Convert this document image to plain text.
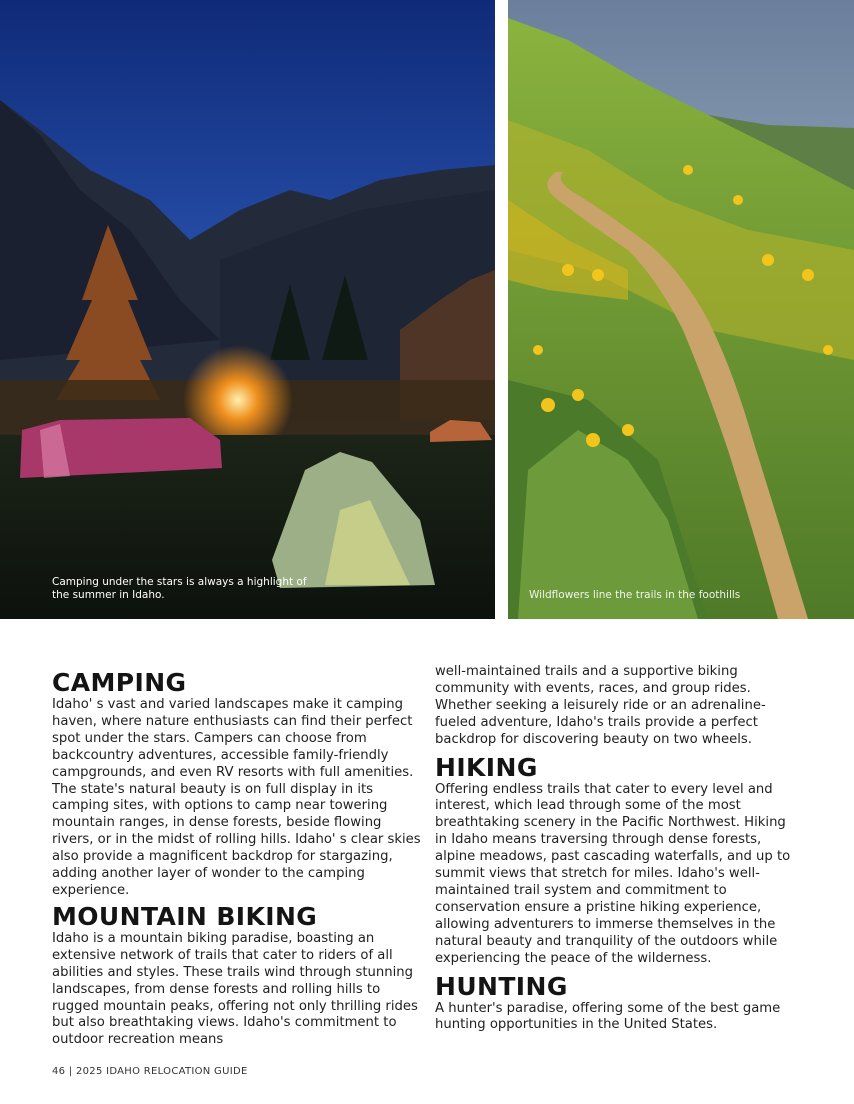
Camping under the stars is always a highlight of the summer in Idaho.	Wildflowers line the trails in the foothills
CAMPING

Idaho' s vast and varied landscapes make it camping haven, where nature enthusiasts can find their perfect spot under the stars. Campers can choose from backcountry adventures, accessible family-friendly campgrounds, and even RV resorts with full amenities. The state's natural beauty is on full display in its camping sites, with options to camp near towering mountain ranges, in dense forests, beside flowing rivers, or in the midst of rolling hills. Idaho' s clear skies also provide a magnificent backdrop for stargazing, adding another layer of wonder to the camping experience.

MOUNTAIN BIKING

Idaho is a mountain biking paradise, boasting an extensive network of trails that cater to riders of all abilities and styles. These trails wind through stunning landscapes, from dense forests and rolling hills to rugged mountain peaks, offering not only thrilling rides but also breathtaking views. Idaho's commitment to outdoor recreation means

well-maintained trails and a supportive biking community with events, races, and group rides. Whether seeking a leisurely ride or an adrenaline-fueled adventure, Idaho's trails provide a perfect backdrop for discovering beauty on two wheels.

HIKING

Offering endless trails that cater to every level and interest, which lead through some of the most breathtaking scenery in the Pacific Northwest. Hiking in Idaho means traversing through dense forests, alpine meadows, past cascading waterfalls, and up to summit views that stretch for miles. Idaho's well-maintained trail system and commitment to conservation ensure a pristine hiking experience, allowing adventurers to immerse themselves in the natural beauty and tranquility of the outdoors while experiencing the peace of the wilderness.

HUNTING

A hunter's paradise, offering some of the best game hunting opportunities in the United States.

46 | 2025 IDAHO RELOCATION GUIDE
